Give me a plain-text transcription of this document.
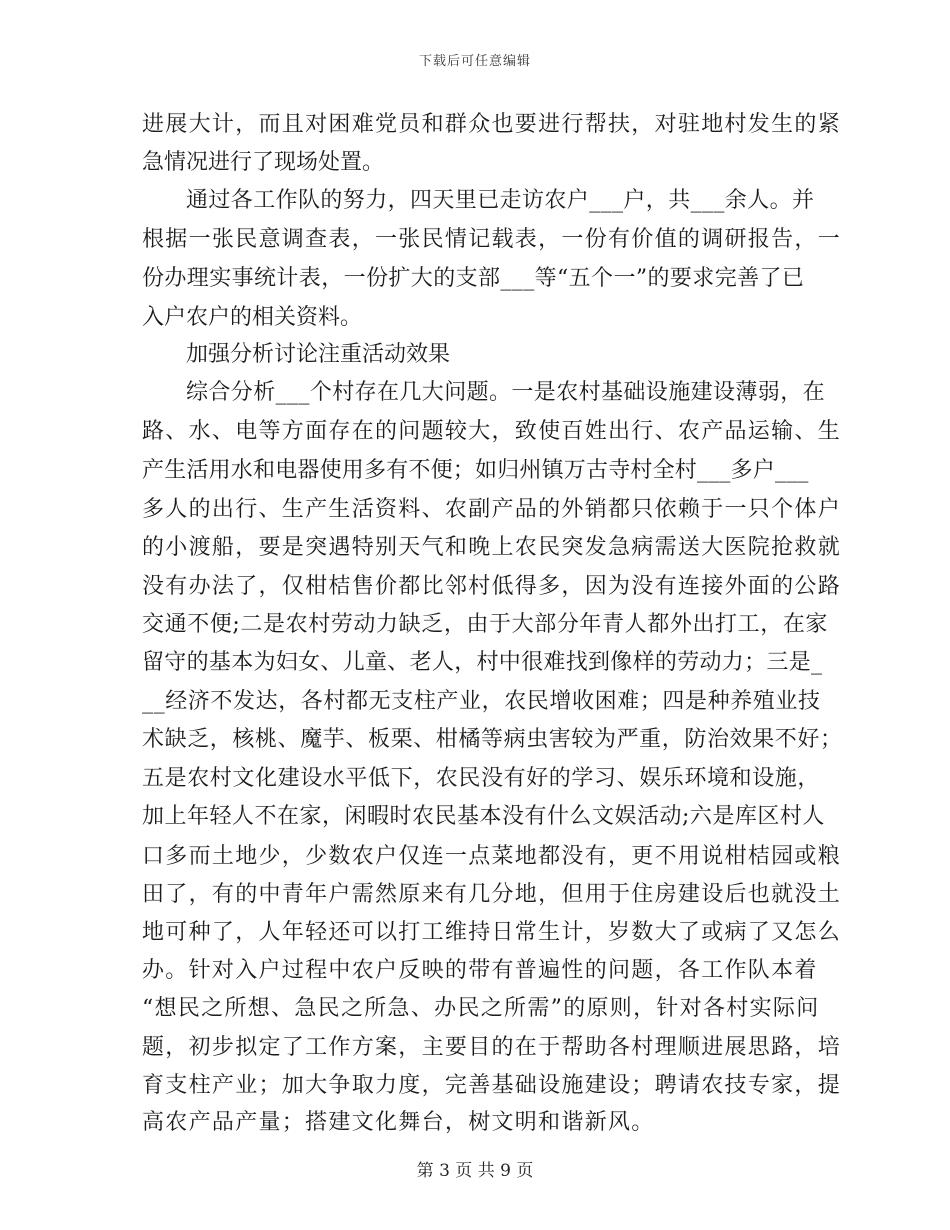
下载后可任意编辑
进展大计，而且对困难党员和群众也要进行帮扶，对驻地村发生的紧
急情况进行了现场处置。
通过各工作队的努力，四天里已走访农户___户，共___余人。并
根据一张民意调查表，一张民情记载表，一份有价值的调研报告，一
份办理实事统计表，一份扩大的支部___等“五个一”的要求完善了已
入户农户的相关资料。
加强分析讨论注重活动效果
综合分析___个村存在几大问题。一是农村基础设施建设薄弱，在
路、水、电等方面存在的问题较大，致使百姓出行、农产品运输、生
产生活用水和电器使用多有不便；如归州镇万古寺村全村___多户___
多人的出行、生产生活资料、农副产品的外销都只依赖于一只个体户
的小渡船，要是突遇特别天气和晚上农民突发急病需送大医院抢救就
没有办法了，仅柑桔售价都比邻村低得多，因为没有连接外面的公路
交通不便;二是农村劳动力缺乏，由于大部分年青人都外出打工，在家
留守的基本为妇女、儿童、老人，村中很难找到像样的劳动力；三是_
__经济不发达，各村都无支柱产业，农民增收困难；四是种养殖业技
术缺乏，核桃、魔芋、板栗、柑橘等病虫害较为严重，防治效果不好；
五是农村文化建设水平低下，农民没有好的学习、娱乐环境和设施，
加上年轻人不在家，闲暇时农民基本没有什么文娱活动;六是库区村人
口多而土地少，少数农户仅连一点菜地都没有，更不用说柑桔园或粮
田了，有的中青年户需然原来有几分地，但用于住房建设后也就没土
地可种了，人年轻还可以打工维持日常生计，岁数大了或病了又怎么
办。针对入户过程中农户反映的带有普遍性的问题，各工作队本着
“想民之所想、急民之所急、办民之所需”的原则，针对各村实际问
题，初步拟定了工作方案，主要目的在于帮助各村理顺进展思路，培
育支柱产业；加大争取力度，完善基础设施建设；聘请农技专家，提
高农产品产量；搭建文化舞台，树文明和谐新风。
第 3 页 共 9 页
